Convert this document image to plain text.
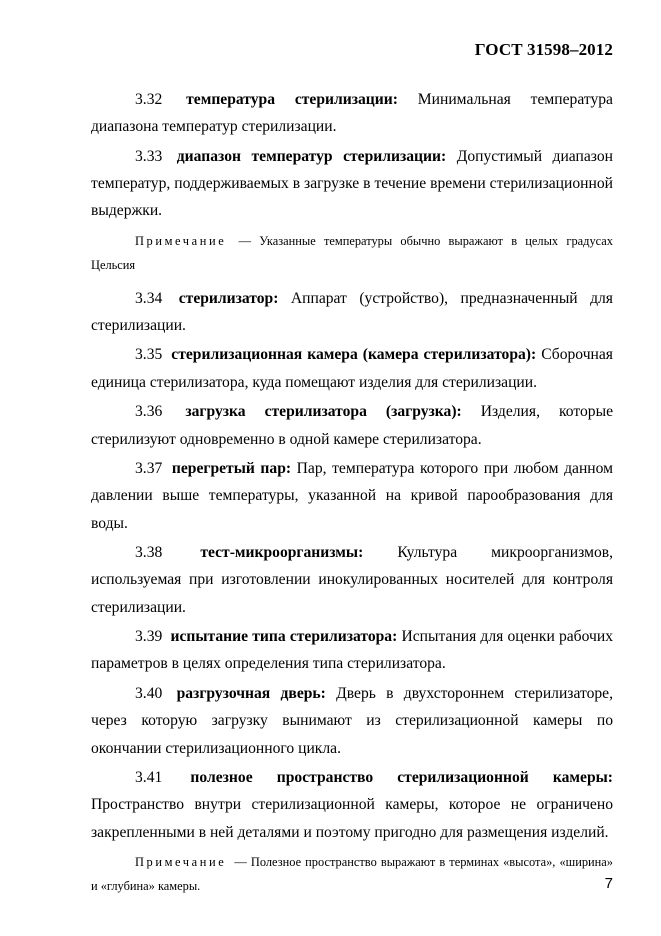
ГОСТ 31598–2012

3.32 температура стерилизации: Минимальная температура диапазона температур стерилизации.

3.33 диапазон температур стерилизации: Допустимый диапазон температур, поддерживаемых в загрузке в течение времени стерилизационной выдержки.

Примечание — Указанные температуры обычно выражают в целых градусах Цельсия

3.34 стерилизатор: Аппарат (устройство), предназначенный для стерилизации.

3.35 стерилизационная камера (камера стерилизатора): Сборочная единица стерилизатора, куда помещают изделия для стерилизации.

3.36 загрузка стерилизатора (загрузка): Изделия, которые стерилизуют одновременно в одной камере стерилизатора.

3.37 перегретый пар: Пар, температура которого при любом данном давлении выше температуры, указанной на кривой парообразования для воды.

3.38 тест-микроорганизмы: Культура микроорганизмов, используемая при изготовлении инокулированных носителей для контроля стерилизации.

3.39 испытание типа стерилизатора: Испытания для оценки рабочих параметров в целях определения типа стерилизатора.

3.40 разгрузочная дверь: Дверь в двухстороннем стерилизаторе, через которую загрузку вынимают из стерилизационной камеры по окончании стерилизационного цикла.

3.41 полезное пространство стерилизационной камеры: Пространство внутри стерилизационной камеры, которое не ограничено закрепленными в ней деталями и поэтому пригодно для размещения изделий.

Примечание — Полезное пространство выражают в терминах «высота», «ширина» и «глубина» камеры.	7
